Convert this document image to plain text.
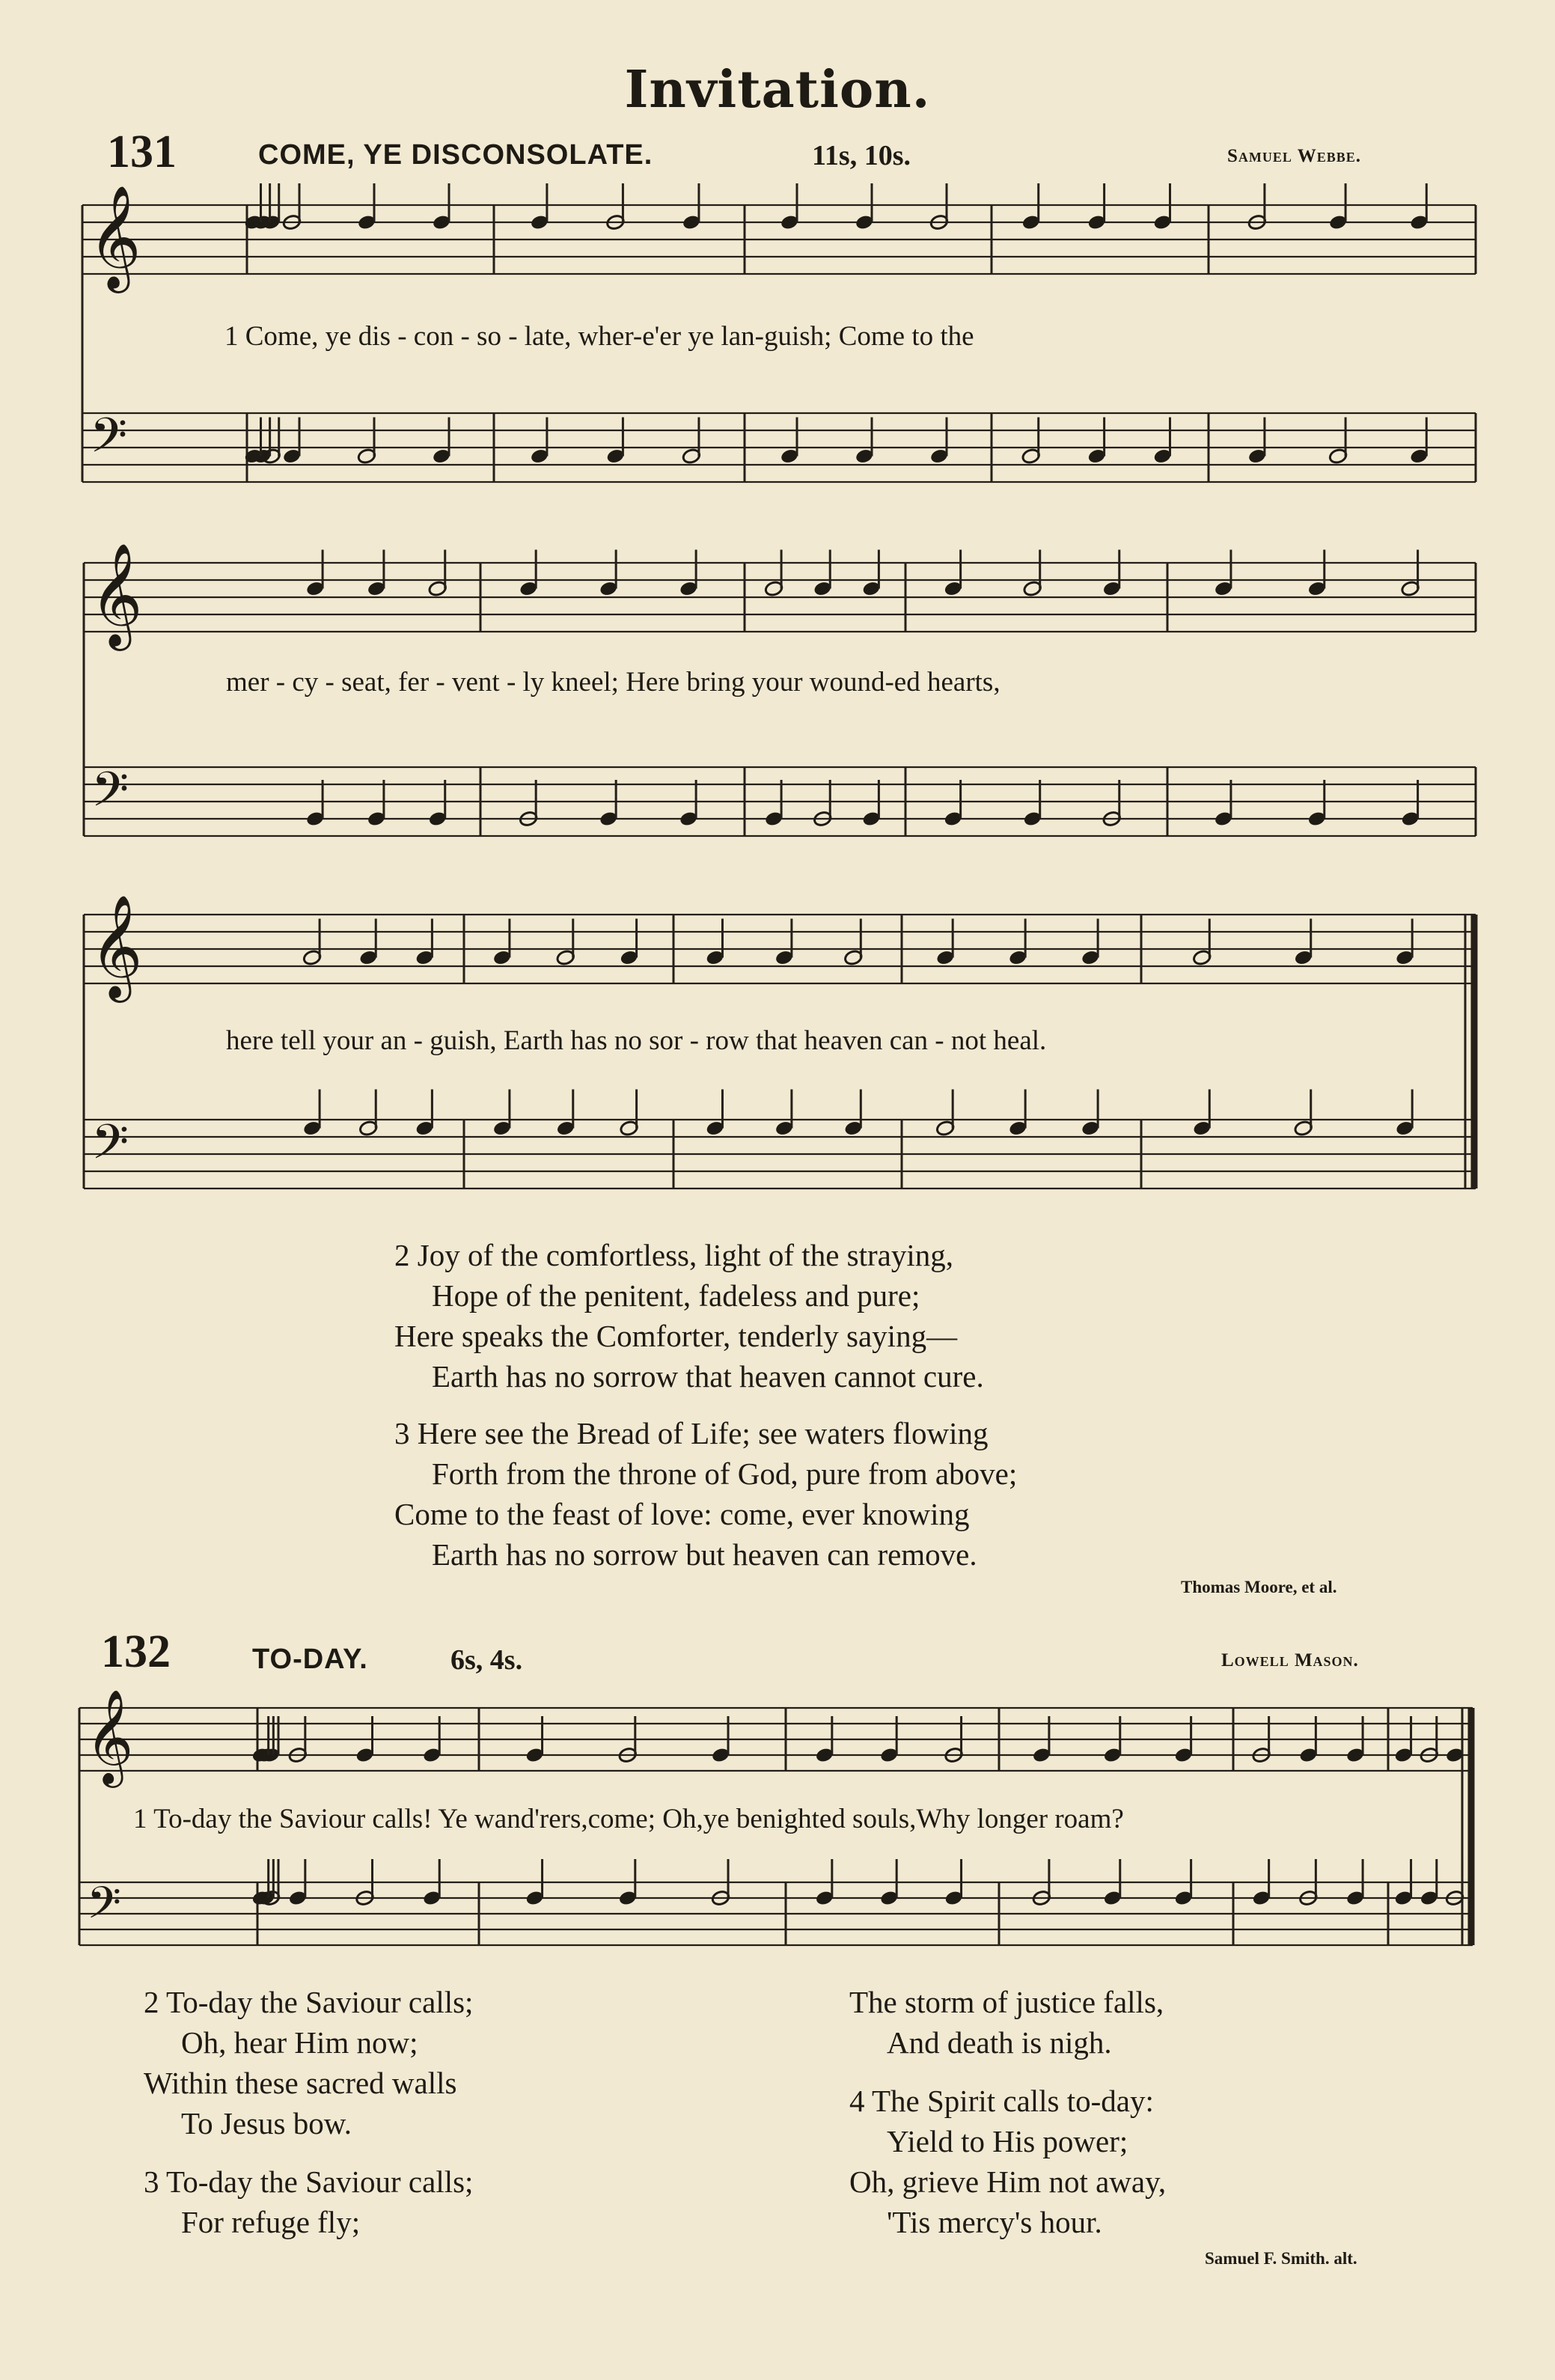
Invitation.
131	COME, YE DISCONSOLATE.	11s, 10s.	Samuel Webbe.
𝄞
𝄢
𝄞
𝄢
𝄞
𝄢
1 Come, ye dis - con - so - late, wher-e'er ye lan-guish; Come to the
mer - cy - seat, fer - vent - ly kneel; Here bring your wound-ed hearts,
here tell your an - guish, Earth has no sor - row that heaven can - not heal.
2 Joy of the comfortless, light of the straying,
Hope of the penitent, fadeless and pure;
Here speaks the Comforter, tenderly saying—
Earth has no sorrow that heaven cannot cure.
3 Here see the Bread of Life; see waters flowing
Forth from the throne of God, pure from above;
Come to the feast of love: come, ever knowing
Earth has no sorrow but heaven can remove.
Thomas Moore, et al.
132	TO-DAY.	6s, 4s.	Lowell Mason.
𝄞
𝄢
1 To-day the Saviour calls! Ye wand'rers,come; Oh,ye benighted souls,Why longer roam?
2 To-day the Saviour calls;
Oh, hear Him now;
Within these sacred walls
To Jesus bow.
3 To-day the Saviour calls;
For refuge fly;
The storm of justice falls,
And death is nigh.
4 The Spirit calls to-day:
Yield to His power;
Oh, grieve Him not away,
'Tis mercy's hour.
Samuel F. Smith. alt.
